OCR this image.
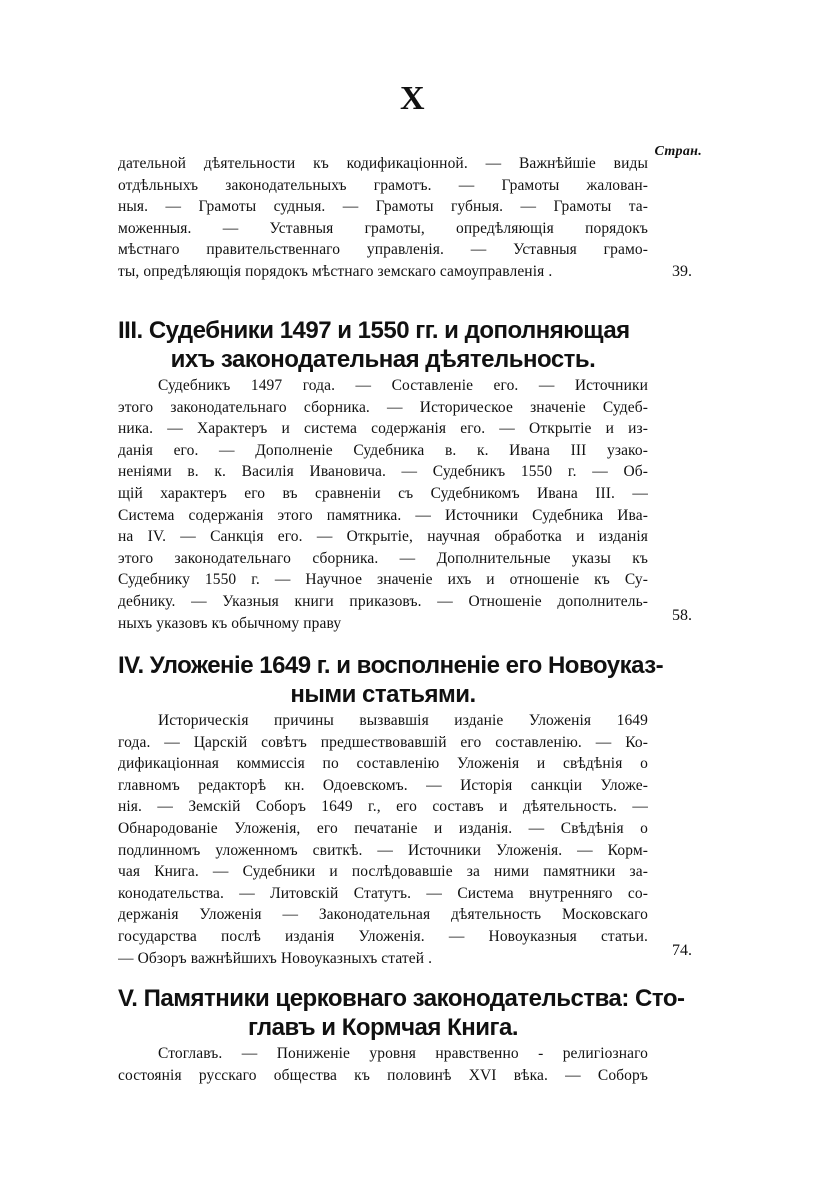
X
Стран.
дательной дѣятельности къ кодификаціонной. — Важнѣйшіе виды
отдѣльныхъ законодательныхъ грамотъ. — Грамоты жалован-
ныя. — Грамоты судныя. — Грамоты губныя. — Грамоты та-
моженныя. — Уставныя грамоты, опредѣляющія порядокъ
мѣстнаго правительственнаго управленія. — Уставныя грамо-
ты, опредѣляющія порядокъ мѣстнаго земскаго самоуправленія .	39.
III. Судебники 1497 и 1550 гг. и дополняющая
ихъ законодательная дѣятельность.
Судебникъ 1497 года. — Составленіе его. — Источники
этого законодательнаго сборника. — Историческое значеніе Судеб-
ника. — Характеръ и система содержанія его. — Открытіе и из-
данія его. — Дополненіе Судебника в. к. Ивана III узако-
неніями в. к. Василія Ивановича. — Судебникъ 1550 г. — Об-
щій характеръ его въ сравненіи съ Судебникомъ Ивана III. —
Система содержанія этого памятника. — Источники Судебника Ива-
на IV. — Санкція его. — Открытіе, научная обработка и изданія
этого законодательнаго сборника. — Дополнительные указы къ
Судебнику 1550 г. — Научное значеніе ихъ и отношеніе къ Су-
дебнику. — Указныя книги приказовъ. — Отношеніе дополнитель-
ныхъ указовъ къ обычному праву	58.
IV. Уложеніе 1649 г. и восполненіе его Новоуказ-
ными статьями.
Историческія причины вызвавшія изданіе Уложенія 1649
года. — Царскій совѣтъ предшествовавшій его составленію. — Ко-
дификаціонная коммиссія по составленію Уложенія и свѣдѣнія о
главномъ редакторѣ кн. Одоевскомъ. — Исторія санкціи Уложе-
нія. — Земскій Соборъ 1649 г., его составъ и дѣятельность. —
Обнародованіе Уложенія, его печатаніе и изданія. — Свѣдѣнія о
подлинномъ уложенномъ свиткѣ. — Источники Уложенія. — Корм-
чая Книга. — Судебники и послѣдовавшіе за ними памятники за-
конодательства. — Литовскій Статутъ. — Система внутренняго со-
держанія Уложенія — Законодательная дѣятельность Московскаго
государства послѣ изданія Уложенія. — Новоуказныя статьи.
— Обзоръ важнѣйшихъ Новоуказныхъ статей .	74.
V. Памятники церковнаго законодательства: Сто-
главъ и Кормчая Книга.
Стоглавъ. — Пониженіе уровня нравственно - религіознаго
состоянія русскаго общества къ половинѣ XVI вѣка. — Соборъ
